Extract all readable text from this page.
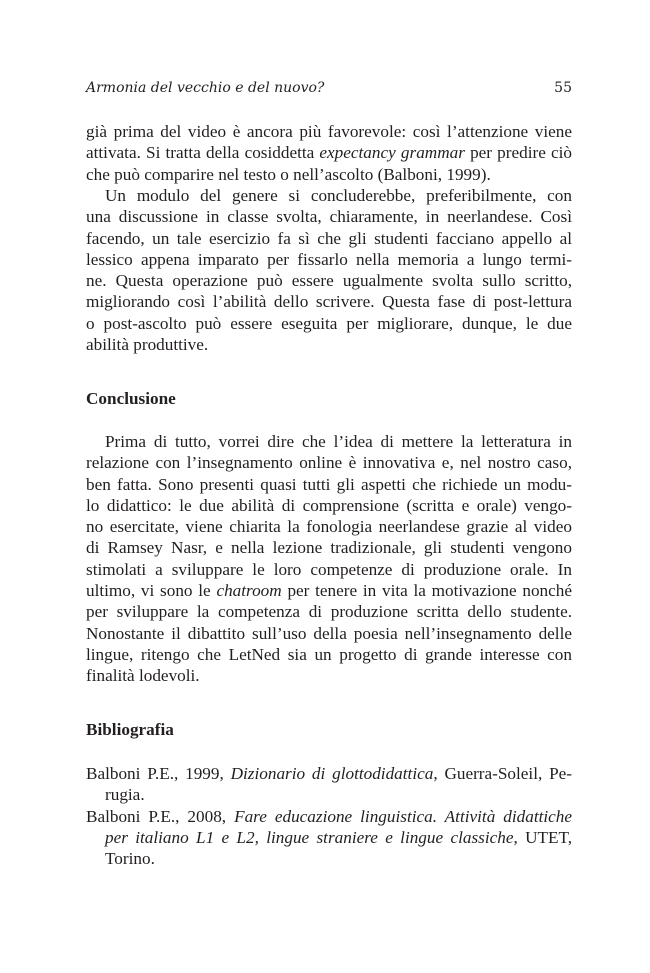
Armonia del vecchio e del nuovo?	55
già prima del video è ancora più favorevole: così l’attenzione viene
attivata. Si tratta della cosiddetta expectancy grammar per predire ciò
che può comparire nel testo o nell’ascolto (Balboni, 1999).
Un modulo del genere si concluderebbe, preferibilmente, con
una discussione in classe svolta, chiaramente, in neerlandese. Così
facendo, un tale esercizio fa sì che gli studenti facciano appello al
lessico appena imparato per fissarlo nella memoria a lungo termi-
ne. Questa operazione può essere ugualmente svolta sullo scritto,
migliorando così l’abilità dello scrivere. Questa fase di post-lettura
o post-ascolto può essere eseguita per migliorare, dunque, le due
abilità produttive.
Conclusione
Prima di tutto, vorrei dire che l’idea di mettere la letteratura in
relazione con l’insegnamento online è innovativa e, nel nostro caso,
ben fatta. Sono presenti quasi tutti gli aspetti che richiede un modu-
lo didattico: le due abilità di comprensione (scritta e orale) vengo-
no esercitate, viene chiarita la fonologia neerlandese grazie al video
di Ramsey Nasr, e nella lezione tradizionale, gli studenti vengono
stimolati a sviluppare le loro competenze di produzione orale. In
ultimo, vi sono le chatroom per tenere in vita la motivazione nonché
per sviluppare la competenza di produzione scritta dello studente.
Nonostante il dibattito sull’uso della poesia nell’insegnamento delle
lingue, ritengo che LetNed sia un progetto di grande interesse con
finalità lodevoli.
Bibliografia
Balboni P.E., 1999, Dizionario di glottodidattica, Guerra-Soleil, Pe-
rugia.
Balboni P.E., 2008, Fare educazione linguistica. Attività didattiche
per italiano L1 e L2, lingue straniere e lingue classiche, UTET,
Torino.
